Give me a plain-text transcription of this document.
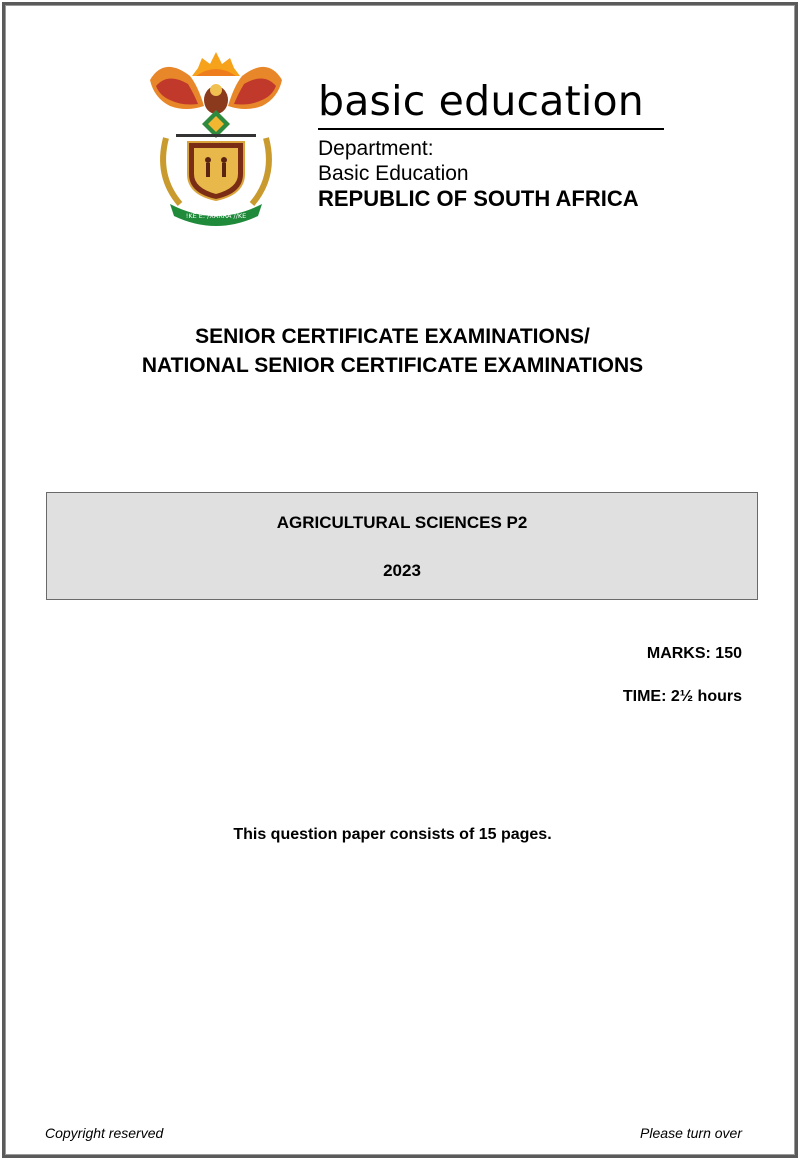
!KE E: /XARRA //KE
basic education
Department:
Basic Education
REPUBLIC OF SOUTH AFRICA
SENIOR CERTIFICATE EXAMINATIONS/
NATIONAL SENIOR CERTIFICATE EXAMINATIONS
AGRICULTURAL SCIENCES P2
2023
MARKS: 150
TIME: 2½ hours
This question paper consists of 15 pages.
Copyright reserved	Please turn over
